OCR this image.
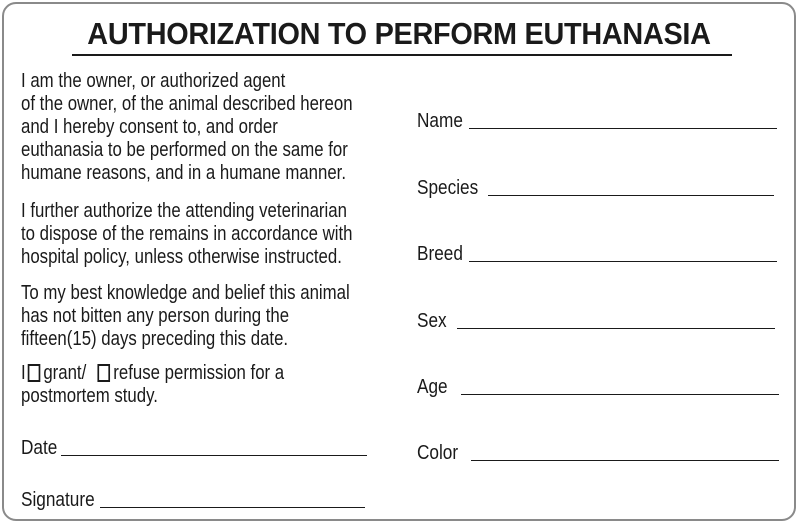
AUTHORIZATION TO PERFORM EUTHANASIA
I am the owner, or authorized agent
of the owner, of the animal described hereon
and I hereby consent to, and order
euthanasia to be performed on the same for
humane reasons, and in a humane manner.
I further authorize the attending veterinarian
to dispose of the remains in accordance with
hospital policy, unless otherwise instructed.
To my best knowledge and belief this animal
has not bitten any person during the
fifteen(15) days preceding this date.
I grant/ refuse permission for a
postmortem study.
Date
Signature
Name
Species
Breed
Sex
Age
Color
